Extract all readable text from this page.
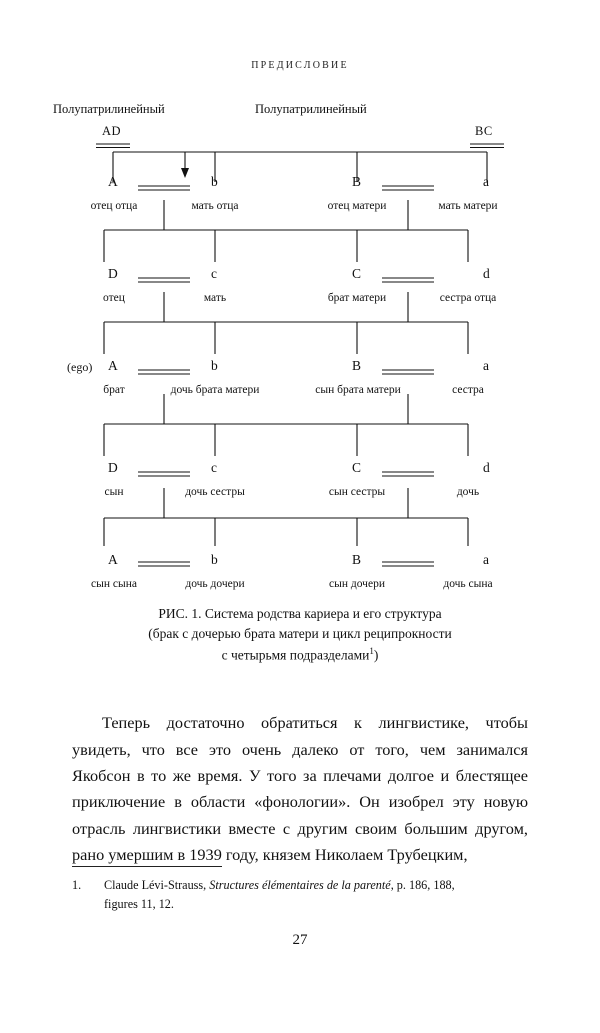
ПРЕДИСЛОВИЕ
Полупатрилинейный	Полупатрилинейный
AD	BC
A	b	B	a
отец отца	мать отца	отец матери	мать матери
D	c	C	d
отец	мать	брат матери	сестра отца
(ego) A	b	B	a
брат	дочь брата матери	сын брата матери	сестра
D	c	C	d
сын	дочь сестры	сын сестры	дочь
A	b	B	a
сын сына	дочь дочери	сын дочери	дочь сына
РИС. 1. Система родства кариера и его структура
(брак с дочерью брата матери и цикл реципрокности
с четырьмя подразделами$^1$)

Теперь достаточно обратиться к лингвистике, чтобы увидеть, что все это очень далеко от того, чем занимался Якобсон в то же время. У того за плечами долгое и блестящее приключение в области «фонологии». Он изобрел эту новую отрасль лингвистики вместе с другим своим большим другом, рано умершим в 1939 году, князем Николаем Трубецким,

1.	Claude Lévi-Strauss, Structures élémentaires de la parenté, p. 186, 188,
figures 11, 12.
27
